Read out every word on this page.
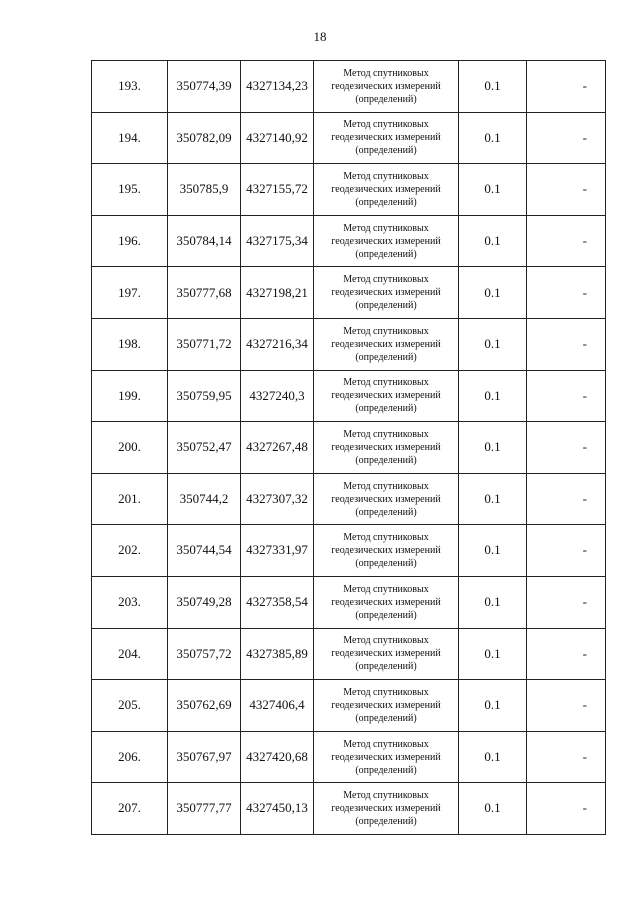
18
193.	350774,39	4327134,23	Метод спутниковых
геодезических измерений
(определений)	0.1	-
194.	350782,09	4327140,92	Метод спутниковых
геодезических измерений
(определений)	0.1	-
195.	350785,9	4327155,72	Метод спутниковых
геодезических измерений
(определений)	0.1	-
196.	350784,14	4327175,34	Метод спутниковых
геодезических измерений
(определений)	0.1	-
197.	350777,68	4327198,21	Метод спутниковых
геодезических измерений
(определений)	0.1	-
198.	350771,72	4327216,34	Метод спутниковых
геодезических измерений
(определений)	0.1	-
199.	350759,95	4327240,3	Метод спутниковых
геодезических измерений
(определений)	0.1	-
200.	350752,47	4327267,48	Метод спутниковых
геодезических измерений
(определений)	0.1	-
201.	350744,2	4327307,32	Метод спутниковых
геодезических измерений
(определений)	0.1	-
202.	350744,54	4327331,97	Метод спутниковых
геодезических измерений
(определений)	0.1	-
203.	350749,28	4327358,54	Метод спутниковых
геодезических измерений
(определений)	0.1	-
204.	350757,72	4327385,89	Метод спутниковых
геодезических измерений
(определений)	0.1	-
205.	350762,69	4327406,4	Метод спутниковых
геодезических измерений
(определений)	0.1	-
206.	350767,97	4327420,68	Метод спутниковых
геодезических измерений
(определений)	0.1	-
207.	350777,77	4327450,13	Метод спутниковых
геодезических измерений
(определений)	0.1	-
